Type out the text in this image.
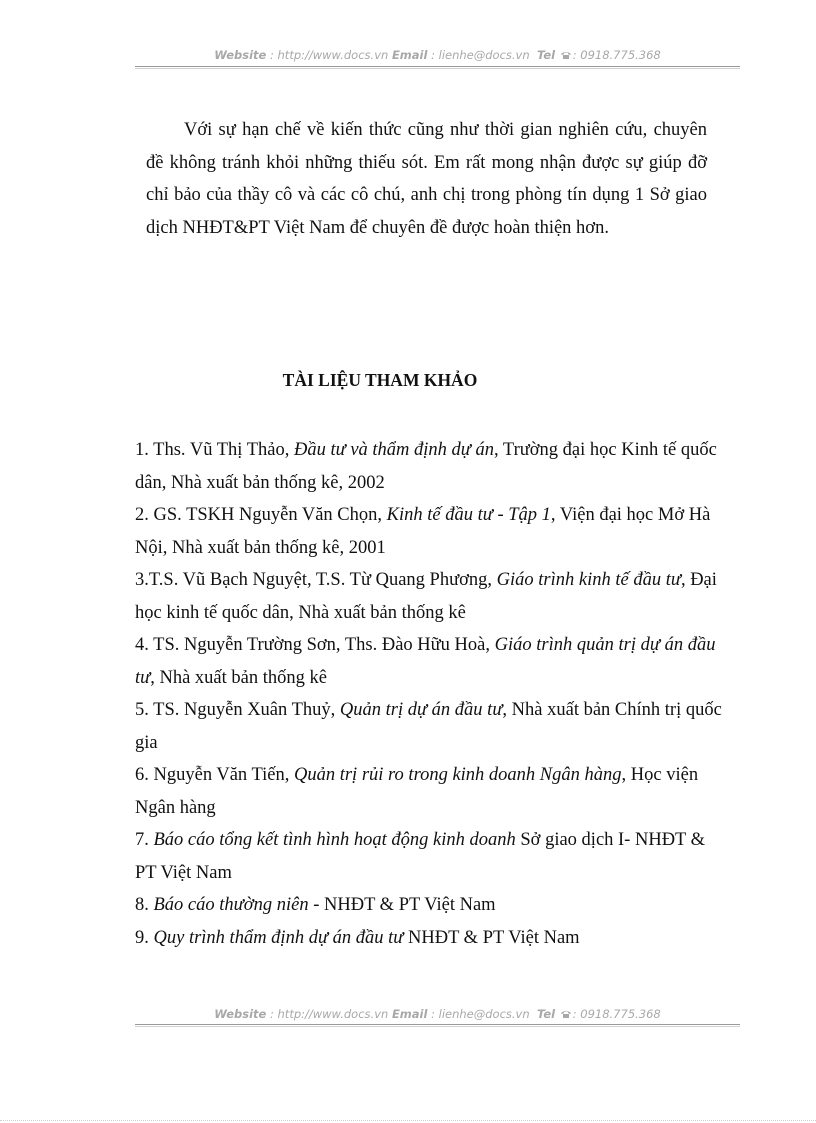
Website : http://www.docs.vn Email : lienhe@docs.vn Tel : 0918.775.368

Với sự hạn chế về kiến thức cũng như thời gian nghiên cứu, chuyên đề không tránh khỏi những thiếu sót. Em rất mong nhận được sự giúp đỡ chỉ bảo của thầy cô và các cô chú, anh chị trong phòng tín dụng 1 Sở giao dịch NHĐT&PT Việt Nam để chuyên đề được hoàn thiện hơn.

TÀI LIỆU THAM KHẢO
1. Ths. Vũ Thị Thảo, Đầu tư và thẩm định dự án, Trường đại học Kinh tế quốc dân, Nhà xuất bản thống kê, 2002
2. GS. TSKH Nguyễn Văn Chọn, Kinh tế đầu tư - Tập 1, Viện đại học Mở Hà Nội, Nhà xuất bản thống kê, 2001
3.T.S. Vũ Bạch Nguyệt, T.S. Từ Quang Phương, Giáo trình kinh tế đầu tư, Đại học kinh tế quốc dân, Nhà xuất bản thống kê
4. TS. Nguyễn Trường Sơn, Ths. Đào Hữu Hoà, Giáo trình quản trị dự án đầu tư, Nhà xuất bản thống kê
5. TS. Nguyễn Xuân Thuỷ, Quản trị dự án đầu tư, Nhà xuất bản Chính trị quốc gia
6. Nguyễn Văn Tiến, Quản trị rủi ro trong kinh doanh Ngân hàng, Học viện Ngân hàng
7. Báo cáo tổng kết tình hình hoạt động kinh doanh Sở giao dịch I- NHĐT & PT Việt Nam
8. Báo cáo thường niên - NHĐT & PT Việt Nam
9. Quy trình thẩm định dự án đầu tư NHĐT & PT Việt Nam
Website : http://www.docs.vn Email : lienhe@docs.vn Tel : 0918.775.368
